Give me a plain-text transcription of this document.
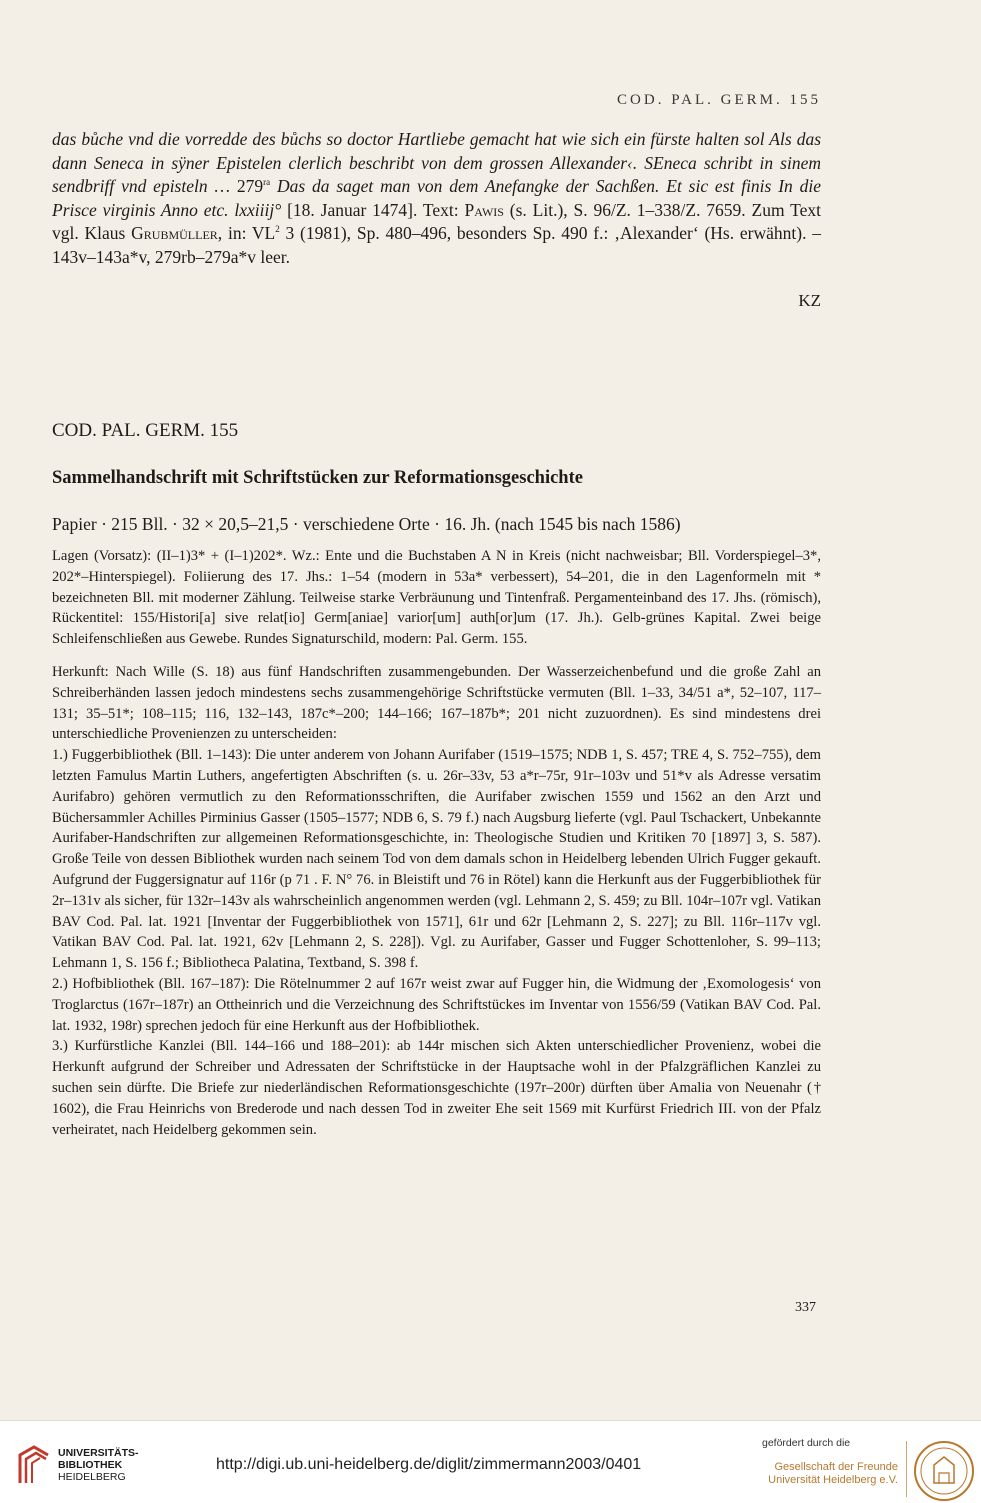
COD. PAL. GERM. 155
das bůche vnd die vorredde des bůchs so doctor Hartliebe gemacht hat wie sich ein fürste halten sol Als das dann Seneca in sÿner Epistelen clerlich beschribt von dem grossen Allexander‹. SEneca schribt in sinem sendbriff vnd episteln … $279^{ra}$ Das da saget man von dem Anefangke der Sachßen. Et sic est finis In die Prisce virginis Anno etc. lxxiiij° [18. Januar 1474]. Text: Pawis (s. Lit.), S. 96/Z. 1–338/Z. 7659. Zum Text vgl. Klaus Grubmüller, in: $VL^2$ 3 (1981), Sp. 480–496, besonders Sp. 490 f.: ‚Alexander‘ (Hs. erwähnt). – 143v–143a*v, 279rb–279a*v leer.
KZ
COD. PAL. GERM. 155
Sammelhandschrift mit Schriftstücken zur Reformationsgeschichte
Papier · 215 Bll. · 32 × 20,5–21,5 · verschiedene Orte · 16. Jh. (nach 1545 bis nach 1586)

Lagen (Vorsatz): (II–1)3* + (I–1)202*. Wz.: Ente und die Buchstaben A N in Kreis (nicht nachweisbar; Bll. Vorderspiegel–3*, 202*–Hinterspiegel). Foliierung des 17. Jhs.: 1–54 (modern in 53a* verbessert), 54–201, die in den Lagenformeln mit * bezeichneten Bll. mit moderner Zählung. Teilweise starke Verbräunung und Tintenfraß. Pergamenteinband des 17. Jhs. (römisch), Rückentitel: 155/Histori[a] sive relat[io] Germ[aniae] varior[um] auth[or]um (17. Jh.). Gelb-grünes Kapital. Zwei beige Schleifenschließen aus Gewebe. Rundes Signaturschild, modern: Pal. Germ. 155.

Herkunft: Nach Wille (S. 18) aus fünf Handschriften zusammengebunden. Der Wasserzeichenbefund und die große Zahl an Schreiberhänden lassen jedoch mindestens sechs zusammengehörige Schriftstücke vermuten (Bll. 1–33, 34/51 a*, 52–107, 117–131; 35–51*; 108–115; 116, 132–143, 187c*–200; 144–166; 167–187b*; 201 nicht zuzuordnen). Es sind mindestens drei unterschiedliche Provenienzen zu unterscheiden:

1.) Fuggerbibliothek (Bll. 1–143): Die unter anderem von Johann Aurifaber (1519–1575; NDB 1, S. 457; TRE 4, S. 752–755), dem letzten Famulus Martin Luthers, angefertigten Abschriften (s. u. 26r–33v, 53 a*r–75r, 91r–103v und 51*v als Adresse versatim Aurifabro) gehören vermutlich zu den Reformationsschriften, die Aurifaber zwischen 1559 und 1562 an den Arzt und Büchersammler Achilles Pirminius Gasser (1505–1577; NDB 6, S. 79 f.) nach Augsburg lieferte (vgl. Paul Tschackert, Unbekannte Aurifaber-Handschriften zur allgemeinen Reformationsgeschichte, in: Theologische Studien und Kritiken 70 [1897] 3, S. 587). Große Teile von dessen Bibliothek wurden nach seinem Tod von dem damals schon in Heidelberg lebenden Ulrich Fugger gekauft. Aufgrund der Fuggersignatur auf 116r (p 71 . F. N° 76. in Bleistift und 76 in Rötel) kann die Herkunft aus der Fuggerbibliothek für 2r–131v als sicher, für 132r–143v als wahrscheinlich angenommen werden (vgl. Lehmann 2, S. 459; zu Bll. 104r–107r vgl. Vatikan BAV Cod. Pal. lat. 1921 [Inventar der Fuggerbibliothek von 1571], 61r und 62r [Lehmann 2, S. 227]; zu Bll. 116r–117v vgl. Vatikan BAV Cod. Pal. lat. 1921, 62v [Lehmann 2, S. 228]). Vgl. zu Aurifaber, Gasser und Fugger Schottenloher, S. 99–113; Lehmann 1, S. 156 f.; Bibliotheca Palatina, Textband, S. 398 f.

2.) Hofbibliothek (Bll. 167–187): Die Rötelnummer 2 auf 167r weist zwar auf Fugger hin, die Widmung der ‚Exomologesis‘ von Troglarctus (167r–187r) an Ottheinrich und die Verzeichnung des Schriftstückes im Inventar von 1556/59 (Vatikan BAV Cod. Pal. lat. 1932, 198r) sprechen jedoch für eine Herkunft aus der Hofbibliothek.

3.) Kurfürstliche Kanzlei (Bll. 144–166 und 188–201): ab 144r mischen sich Akten unterschiedlicher Provenienz, wobei die Herkunft aufgrund der Schreiber und Adressaten der Schriftstücke in der Hauptsache wohl in der Pfalzgräflichen Kanzlei zu suchen sein dürfte. Die Briefe zur niederländischen Reformationsgeschichte (197r–200r) dürften über Amalia von Neuenahr († 1602), die Frau Heinrichs von Brederode und nach dessen Tod in zweiter Ehe seit 1569 mit Kurfürst Friedrich III. von der Pfalz verheiratet, nach Heidelberg gekommen sein.

337
UNIVERSITÄTS-
BIBLIOTHEK
HEIDELBERG
http://digi.ub.uni-heidelberg.de/diglit/zimmermann2003/0401
gefördert durch die
Gesellschaft der Freunde
Universität Heidelberg e.V.
